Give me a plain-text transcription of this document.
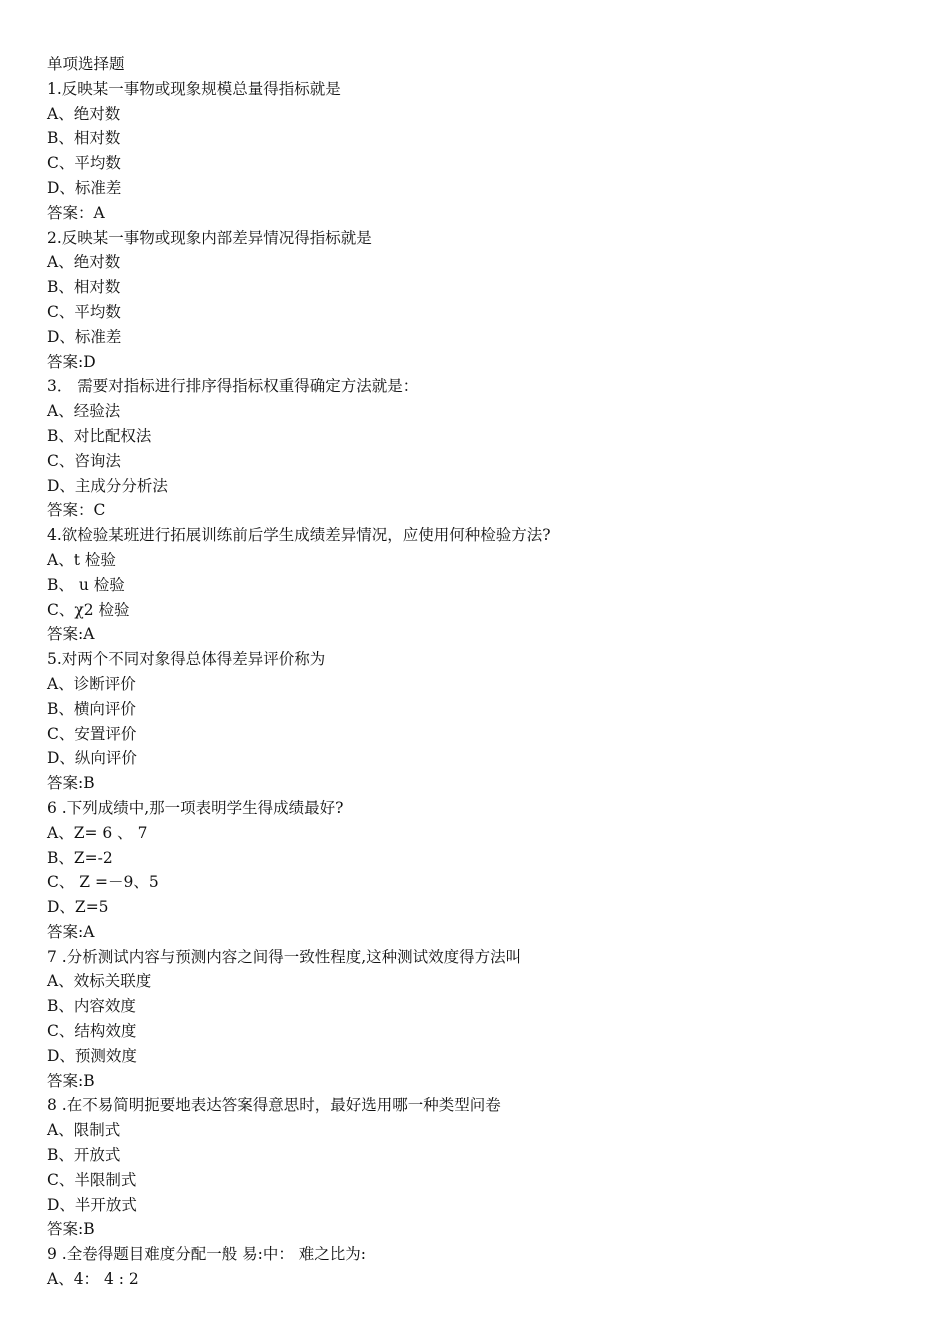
单项选择题
1.反映某一事物或现象规模总量得指标就是
A、绝对数
B、相对数
C、平均数
D、标准差
答案：A
2.反映某一事物或现象内部差异情况得指标就是
A、绝对数
B、相对数
C、平均数
D、标准差
答案:D
3． 需要对指标进行排序得指标权重得确定方法就是：
A、经验法
B、对比配权法
C、咨询法
D、主成分分析法
答案：C
4.欲检验某班进行拓展训练前后学生成绩差异情况，应使用何种检验方法?
A、t 检验
B、 u 检验
C、χ2 检验
答案:A
5.对两个不同对象得总体得差异评价称为
A、诊断评价
B、横向评价
C、安置评价
D、纵向评价
答案:B
6 .下列成绩中,那一项表明学生得成绩最好?
A、Z= 6 、 7
B、Z=-2
C、 Z =－9、5
D、Z=5
答案:A
7 .分析测试内容与预测内容之间得一致性程度,这种测试效度得方法叫
A、效标关联度
B、内容效度
C、结构效度
D、预测效度
答案:B
8 .在不易简明扼要地表达答案得意思时，最好选用哪一种类型问卷
A、限制式
B、开放式
C、半限制式
D、半开放式
答案:B
9 .全卷得题目难度分配一般 易:中： 难之比为:
A、4： 4 : 2
